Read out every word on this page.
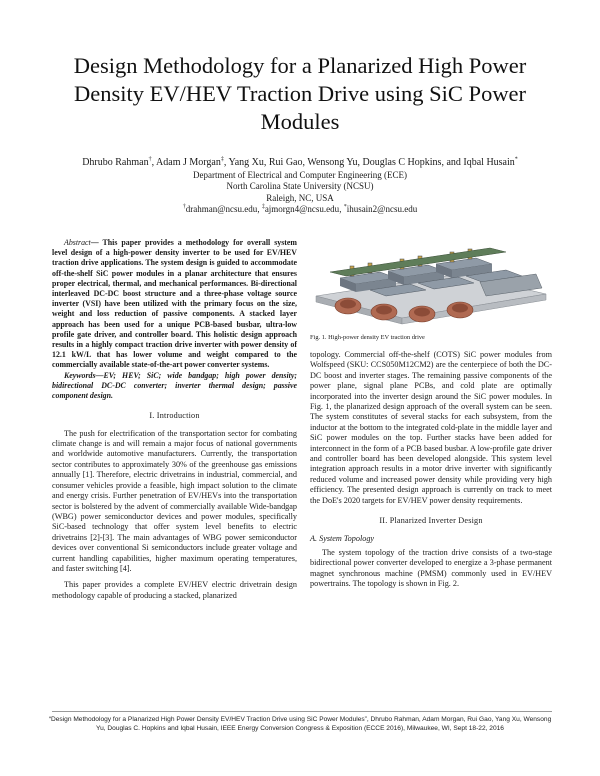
Design Methodology for a Planarized High Power Density EV/HEV Traction Drive using SiC Power Modules
Dhrubo Rahman†, Adam J Morgan‡, Yang Xu, Rui Gao, Wensong Yu, Douglas C Hopkins, and Iqbal Husain*
Department of Electrical and Computer Engineering (ECE)
North Carolina State University (NCSU)
Raleigh, NC, USA
†drahman@ncsu.edu, ‡ajmorgn4@ncsu.edu, *ihusain2@ncsu.edu

Abstract— This paper provides a methodology for overall system level design of a high-power density inverter to be used for EV/HEV traction drive applications. The system design is guided to accommodate off-the-shelf SiC power modules in a planar architecture that ensures proper electrical, thermal, and mechanical performances. Bi-directional interleaved DC-DC boost structure and a three-phase voltage source inverter (VSI) have been utilized with the primary focus on the size, weight and loss reduction of passive components. A stacked layer approach has been used for a unique PCB-based busbar, ultra-low profile gate driver, and controller board. This holistic design approach results in a highly compact traction drive inverter with power density of 12.1 kW/L that has lower volume and weight compared to the commercially available state-of-the-art power converter systems.

Keywords—EV; HEV; SiC; wide bandgap; high power density; bidirectional DC-DC converter; inverter thermal design; passive component design.

I. Introduction

The push for electrification of the transportation sector for combating climate change is and will remain a major focus of national governments and worldwide automotive manufacturers. Currently, the transportation sector contributes to approximately 30% of the greenhouse gas emissions annually [1]. Therefore, electric drivetrains in industrial, commercial, and consumer vehicles provide a feasible, high impact solution to the climate and energy crisis. Further penetration of EV/HEVs into the transportation sector is bolstered by the advent of commercially available Wide-bandgap (WBG) power semiconductor devices and power modules, specifically SiC-based technology that offer system level benefits to electric drivetrains [2]-[3]. The main advantages of WBG power semiconductor devices over conventional Si semiconductors include greater voltage and current handling capabilities, higher maximum operating temperatures, and faster switching [4].

This paper provides a complete EV/HEV electric drivetrain design methodology capable of producing a stacked, planarized

Fig. 1. High-power density EV traction drive

topology. Commercial off-the-shelf (COTS) SiC power modules from Wolfspeed (SKU: CCS050M12CM2) are the centerpiece of both the DC-DC boost and inverter stages. The remaining passive components of the power plane, signal plane PCBs, and cold plate are optimally incorporated into the inverter design around the SiC power modules. In Fig. 1, the planarized design approach of the overall system can be seen. The system constitutes of several stacks for each subsystem, from the inductor at the bottom to the integrated cold-plate in the middle layer and SiC power modules on the top. Further stacks have been added for interconnect in the form of a PCB based busbar. A low-profile gate driver and controller board has been developed alongside. This system level integration approach results in a motor drive inverter with significantly reduced volume and increased power density while providing very high efficiency. The presented design approach is currently on track to meet the DoE's 2020 targets for EV/HEV power density requirements.

II. Planarized Inverter Design
A. System Topology

The system topology of the traction drive consists of a two-stage bidirectional power converter developed to energize a 3-phase permanent magnet synchronous machine (PMSM) commonly used in EV/HEV powertrains. The topology is shown in Fig. 2.

“Design Methodology for a Planarized High Power Density EV/HEV Traction Drive using SiC Power Modules”, Dhrubo Rahman, Adam Morgan, Rui Gao, Yang Xu, Wensong Yu, Douglas C. Hopkins and Iqbal Husain, IEEE Energy Conversion Congress & Exposition (ECCE 2016), Milwaukee, WI, Sept 18-22, 2016
